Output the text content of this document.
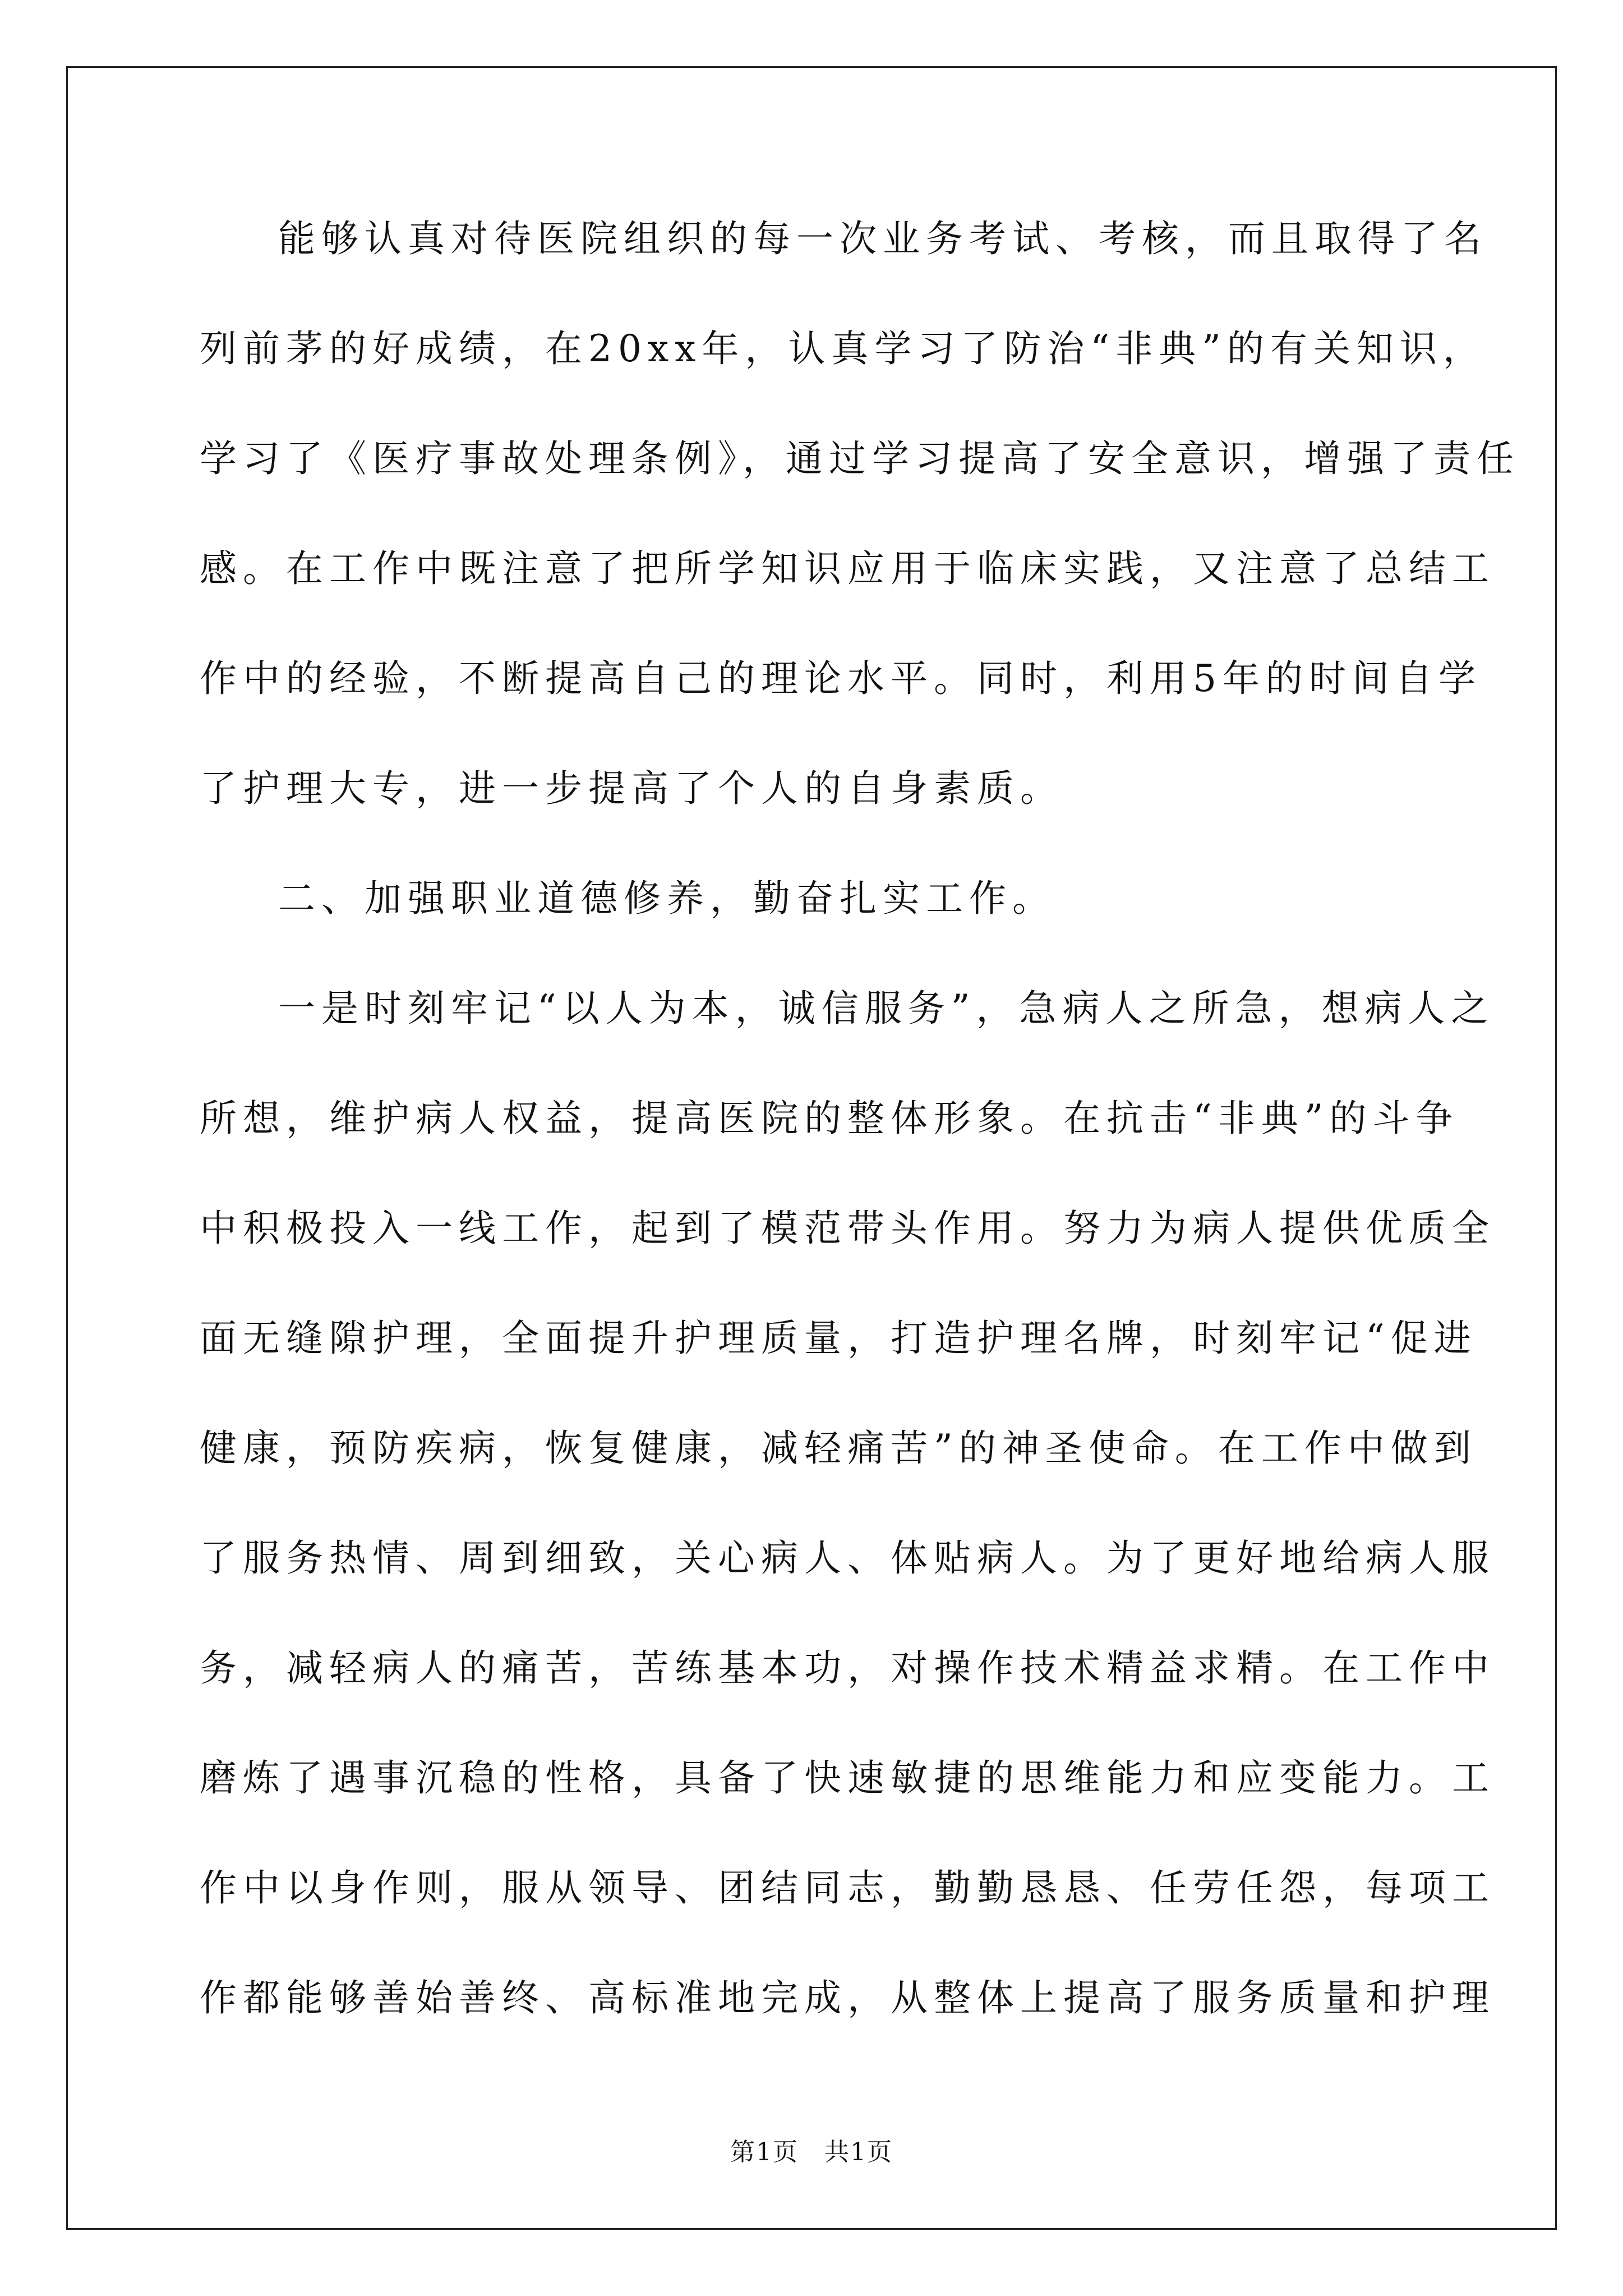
能够认真对待医院组织的每一次业务考试、考核，而且取得了名
列前茅的好成绩，在20xx年，认真学习了防治“非典”的有关知识，
学习了《医疗事故处理条例》，通过学习提高了安全意识，增强了责任
感。在工作中既注意了把所学知识应用于临床实践，又注意了总结工
作中的经验，不断提高自己的理论水平。同时，利用5年的时间自学
了护理大专，进一步提高了个人的自身素质。
二、加强职业道德修养，勤奋扎实工作。
一是时刻牢记“以人为本，诚信服务”，急病人之所急，想病人之
所想，维护病人权益，提高医院的整体形象。在抗击“非典”的斗争
中积极投入一线工作，起到了模范带头作用。努力为病人提供优质全
面无缝隙护理，全面提升护理质量，打造护理名牌，时刻牢记“促进
健康，预防疾病，恢复健康，减轻痛苦”的神圣使命。在工作中做到
了服务热情、周到细致，关心病人、体贴病人。为了更好地给病人服
务，减轻病人的痛苦，苦练基本功，对操作技术精益求精。在工作中
磨炼了遇事沉稳的性格，具备了快速敏捷的思维能力和应变能力。工
作中以身作则，服从领导、团结同志，勤勤恳恳、任劳任怨，每项工
作都能够善始善终、高标准地完成，从整体上提高了服务质量和护理
第1页　共1页
